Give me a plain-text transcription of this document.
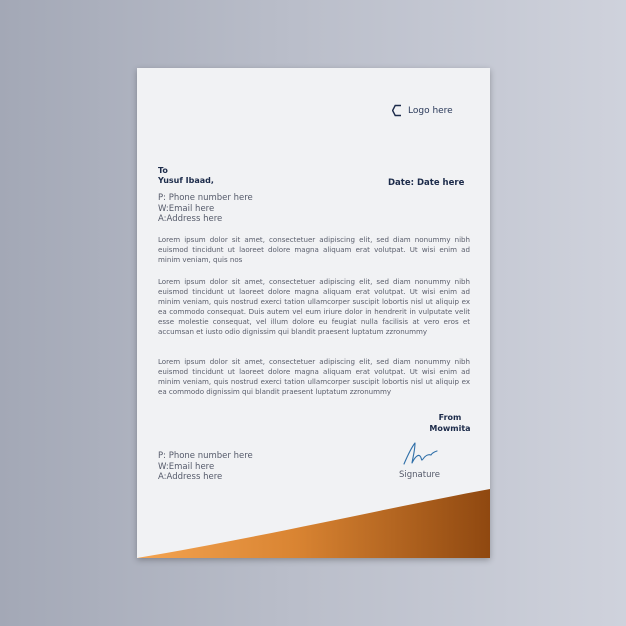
Logo here
To
Yusuf Ibaad,	Date: Date here
P: Phone number here
W:Email here
A:Address here
Lorem ipsum dolor sit amet, consectetuer adipiscing elit, sed diam nonummy nibh euismod tincidunt ut laoreet dolore magna aliquam erat volutpat. Ut wisi enim ad minim veniam, quis nos
Lorem ipsum dolor sit amet, consectetuer adipiscing elit, sed diam nonummy nibh euismod tincidunt ut laoreet dolore magna aliquam erat volutpat. Ut wisi enim ad minim veniam, quis nostrud exerci tation ullamcorper suscipit lobortis nisl ut aliquip ex ea commodo consequat. Duis autem vel eum iriure dolor in hendrerit in vulputate velit esse molestie consequat, vel illum dolore eu feugiat nulla facilisis at vero eros et accumsan et iusto odio dignissim qui blandit praesent luptatum zzronummy
Lorem ipsum dolor sit amet, consectetuer adipiscing elit, sed diam nonummy nibh euismod tincidunt ut laoreet dolore magna aliquam erat volutpat. Ut wisi enim ad minim veniam, quis nostrud exerci tation ullamcorper suscipit lobortis nisl ut aliquip ex ea commodo dignissim qui blandit praesent luptatum zzronummy
From
Mowmita
Signature
P: Phone number here
W:Email here
A:Address here
